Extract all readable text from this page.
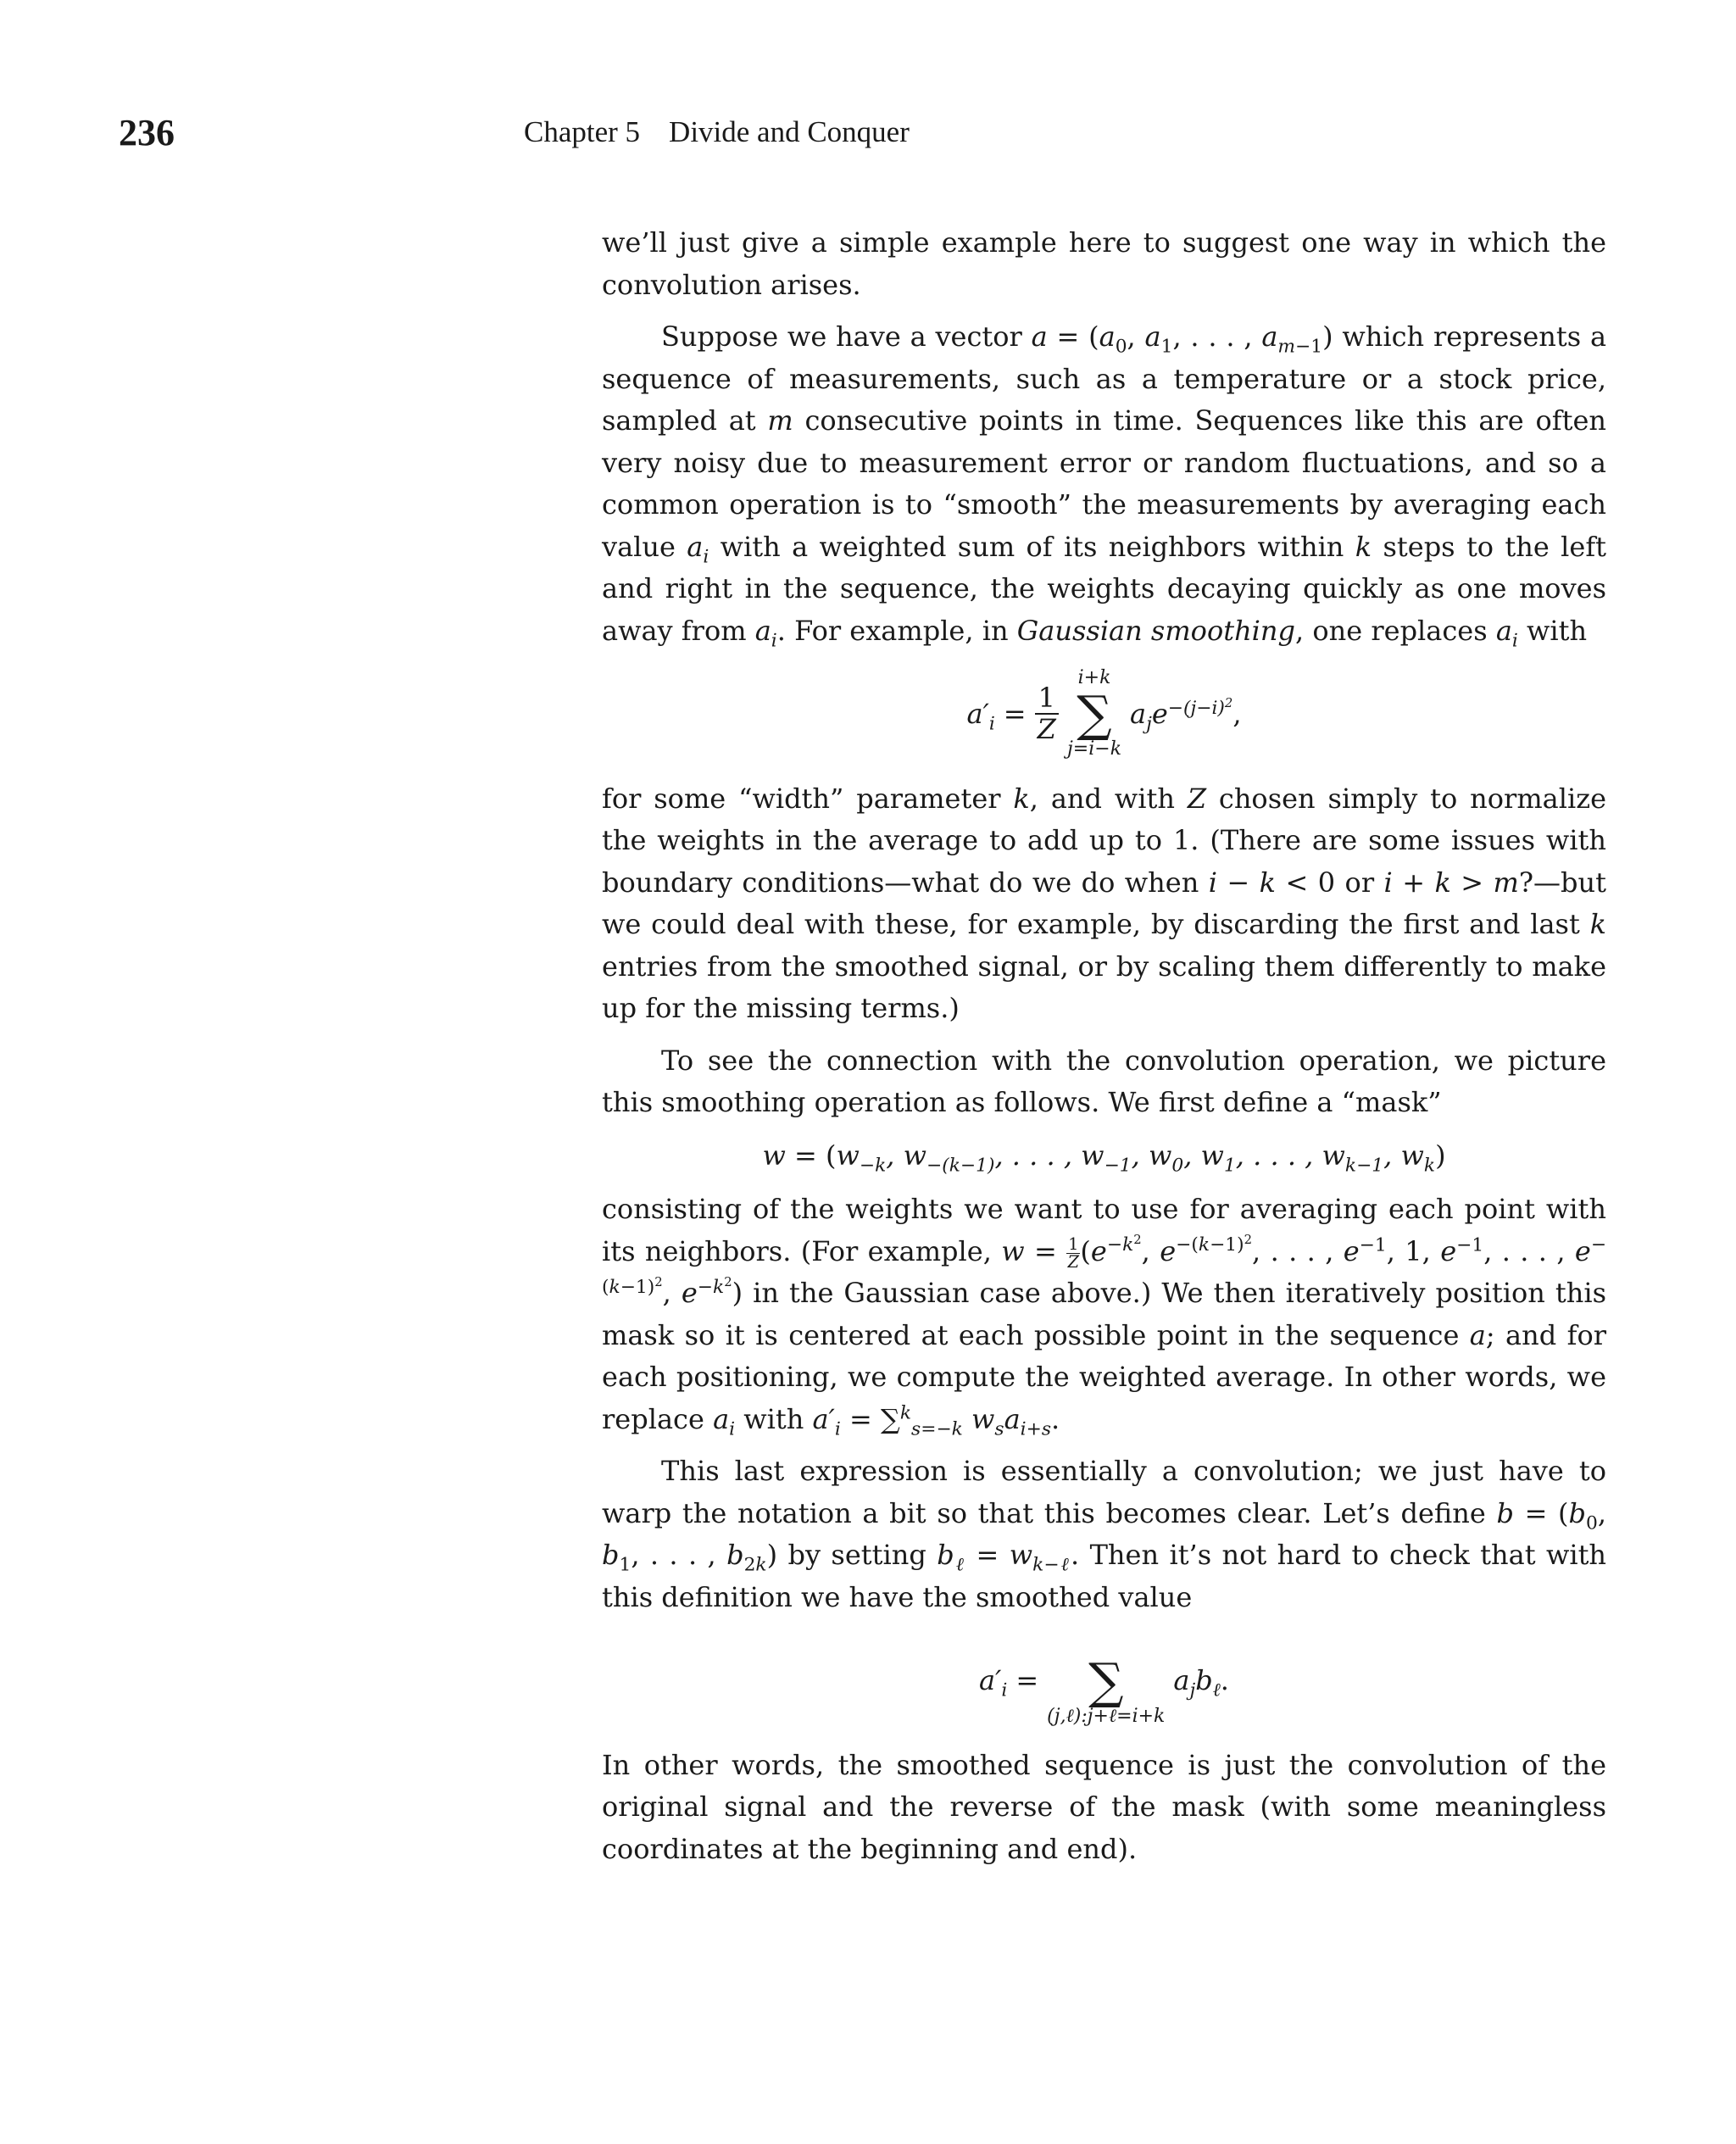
236	Chapter 5 Divide and Conquer

we’ll just give a simple example here to suggest one way in which the convolution arises.

Suppose we have a vector $a = (a_0$, $a_1$, . . . , $a_{m-1}$) which represents a sequence of measurements, such as a temperature or a stock price, sampled at m consecutive points in time. Sequences like this are often very noisy due to measurement error or random fluctuations, and so a common operation is to “smooth” the measurements by averaging each value $a_i$ with a weighted sum of its neighbors within k steps to the left and right in the sequence, the weights decaying quickly as one moves away from $a_i$. For example, in Gaussian smoothing, one replaces $a_i$ with

$a'_i = \frac{1}{Z}$
i+k
∑
j=i−k
$a_je^{-(j-i)^2}$,

for some “width” parameter k, and with Z chosen simply to normalize the weights in the average to add up to 1. (There are some issues with boundary conditions—what do we do when i − k < 0 or i + k > m?—but we could deal with these, for example, by discarding the first and last k entries from the smoothed signal, or by scaling them differently to make up for the missing terms.)

To see the connection with the convolution operation, we picture this smoothing operation as follows. We first define a “mask”

$w = (w_{-k}$, $w_{-(k-1)}$, . . . , $w_{-1}$, $w_0$, $w_1$, . . . , $w_{k-1}$, $w_k$)

consisting of the weights we want to use for averaging each point with its neighbors. (For example, $w = \frac{1}{Z} (e^{-k^2}$, $e^{-(k-1)^2}$, . . . , $e^{-1}$, 1, $e^{-1}$, . . . , $e^{-(k-1)^2}$, $e^{-k^2}$) in the Gaussian case above.) We then iteratively position this mask so it is centered at each possible point in the sequence a; and for each positioning, we compute the weighted average. In other words, we replace $a_i$ with $a'_i = \sum^k_{s=-k}$ $w_sa_{i+s}$.

This last expression is essentially a convolution; we just have to warp the notation a bit so that this becomes clear. Let’s define $b = (b_0$, $b_1$, . . . , $b_{2k}$) by setting $b_\ell = w_{k-\ell}$. Then it’s not hard to check that with this definition we have the smoothed value

$a'_i$ =
∑
(j,ℓ):j+ℓ=i+k
$a_jb_\ell$.

In other words, the smoothed sequence is just the convolution of the original signal and the reverse of the mask (with some meaningless coordinates at the beginning and end).
